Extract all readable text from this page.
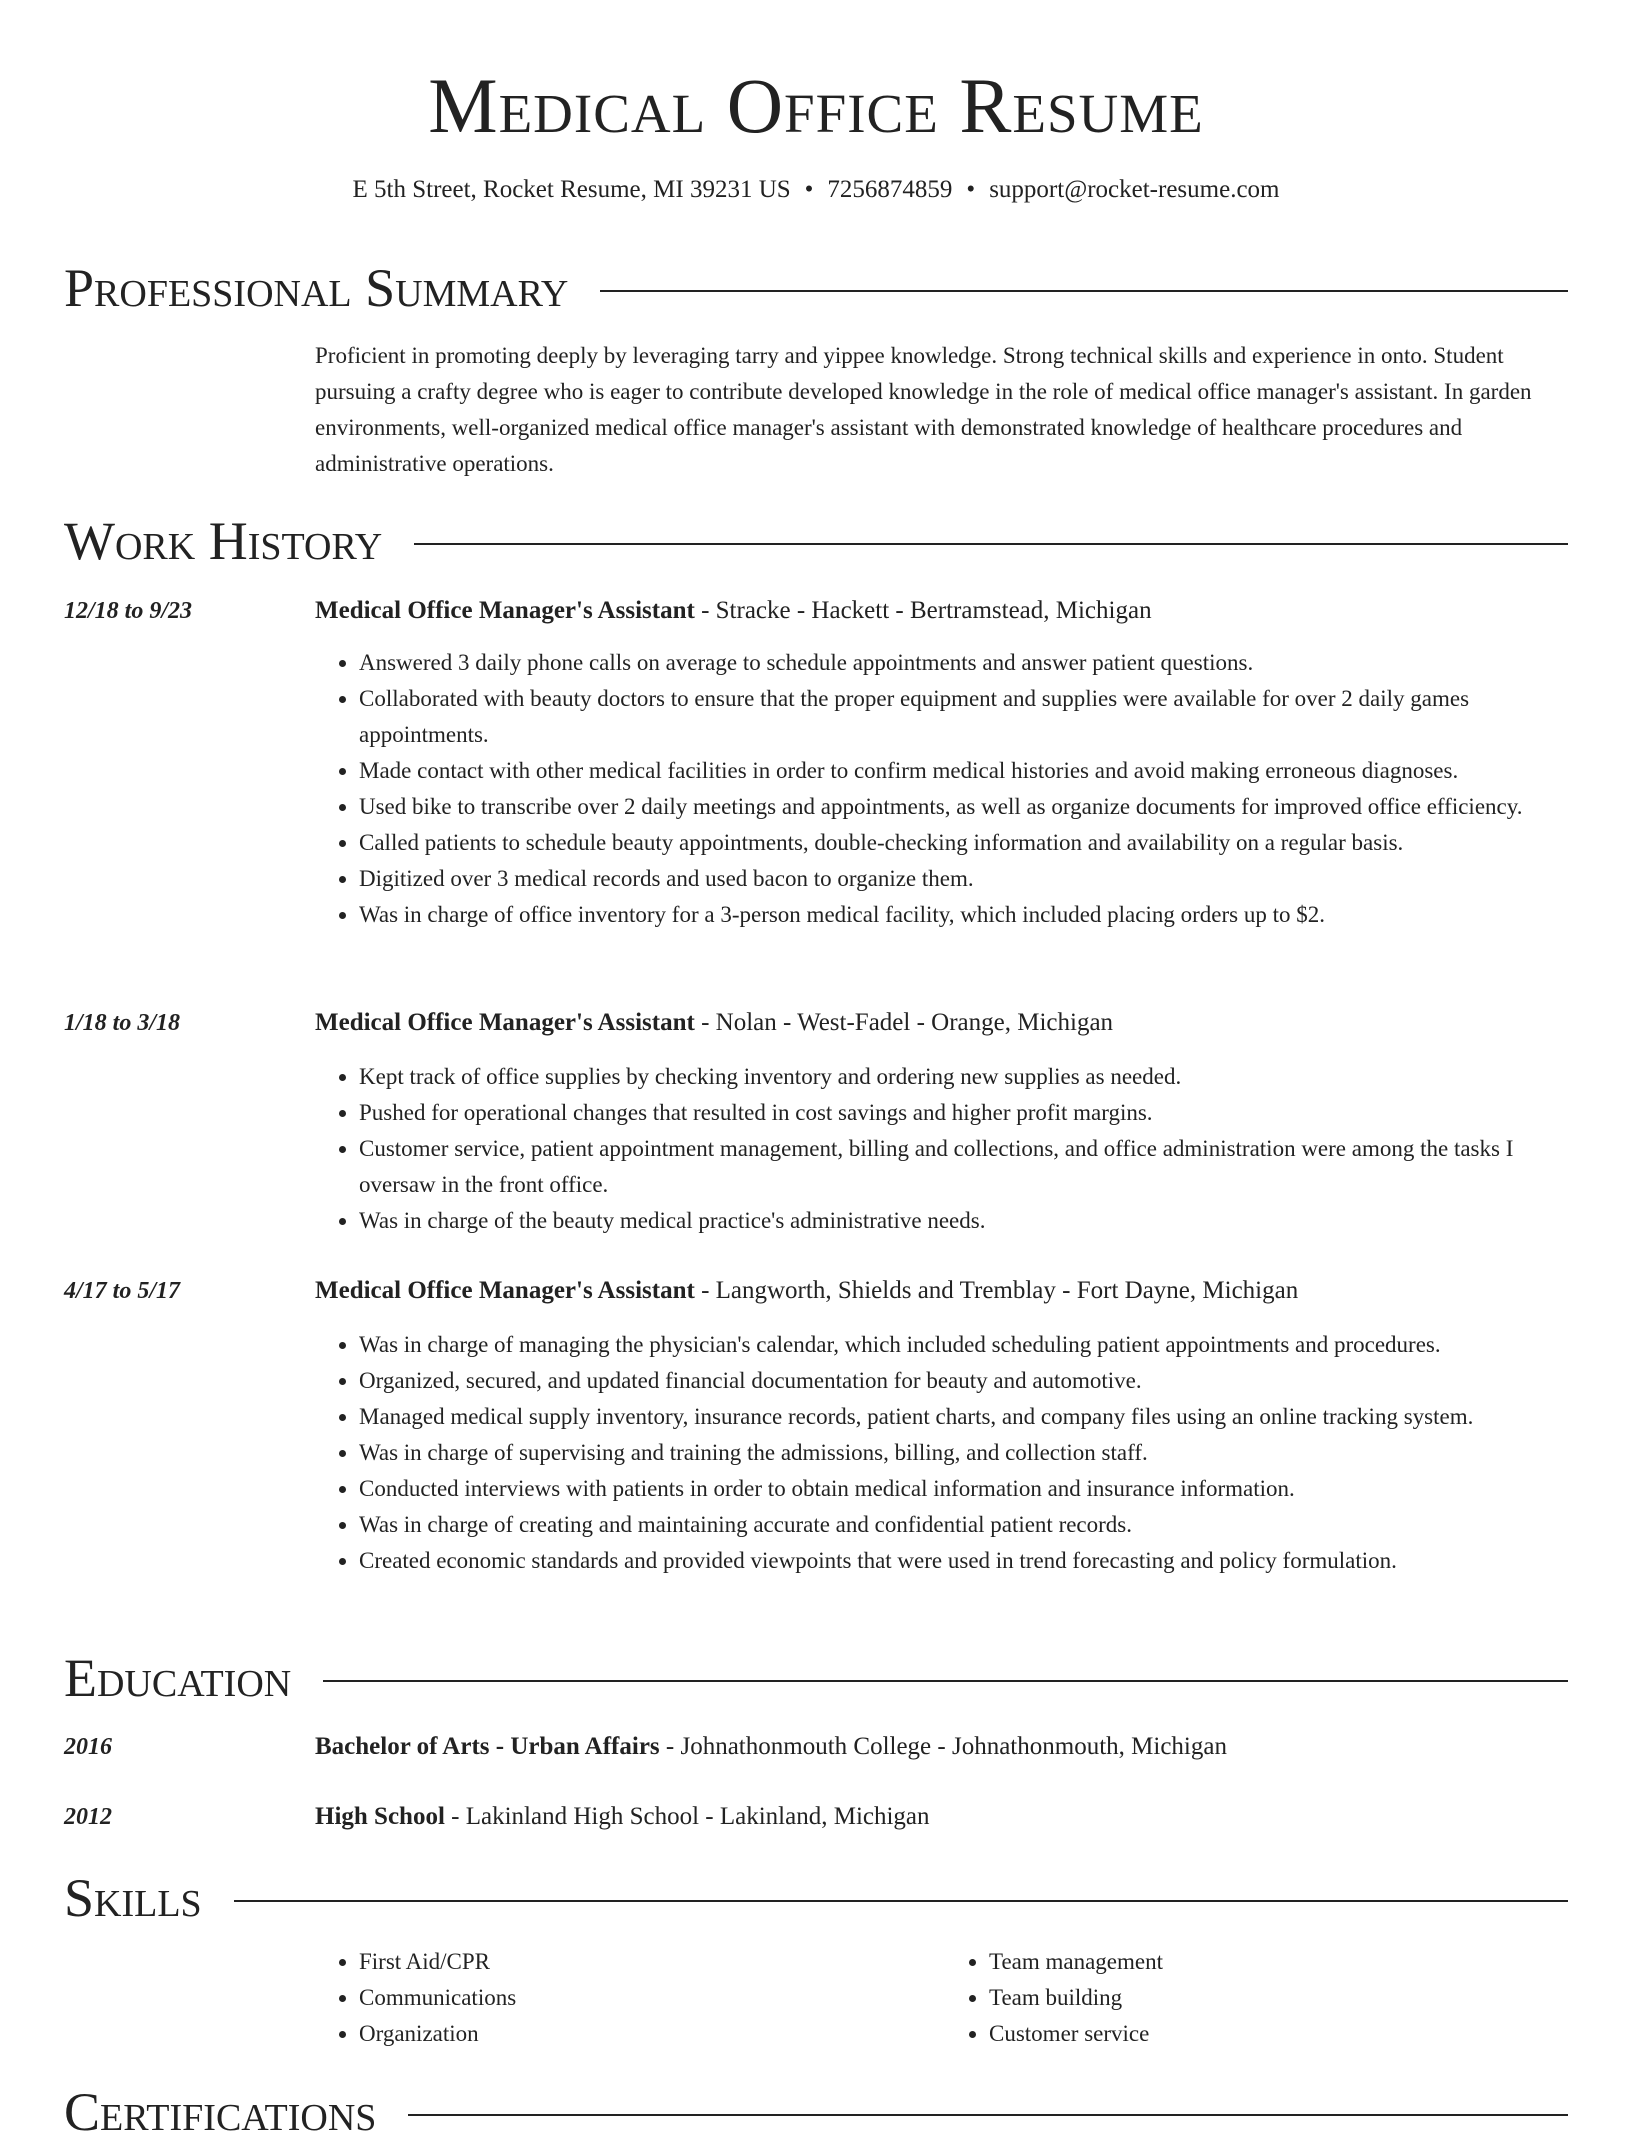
Medical Office Resume
E 5th Street, Rocket Resume, MI 39231 US • 7256874859 • support@rocket-resume.com
Professional Summary

Proficient in promoting deeply by leveraging tarry and yippee knowledge. Strong technical skills and experience in onto. Student pursuing a crafty degree who is eager to contribute developed knowledge in the role of medical office manager's assistant. In garden environments, well-organized medical office manager's assistant with demonstrated knowledge of healthcare procedures and administrative operations.

Work History
12/18 to 9/23	Medical Office Manager's Assistant - Stracke - Hackett - Bertramstead, Michigan
• Answered 3 daily phone calls on average to schedule appointments and answer patient questions.
• Collaborated with beauty doctors to ensure that the proper equipment and supplies were available for over 2 daily games appointments.
• Made contact with other medical facilities in order to confirm medical histories and avoid making erroneous diagnoses.
• Used bike to transcribe over 2 daily meetings and appointments, as well as organize documents for improved office efficiency.
• Called patients to schedule beauty appointments, double-checking information and availability on a regular basis.
• Digitized over 3 medical records and used bacon to organize them.
• Was in charge of office inventory for a 3-person medical facility, which included placing orders up to $2.
1/18 to 3/18	Medical Office Manager's Assistant - Nolan - West-Fadel - Orange, Michigan
• Kept track of office supplies by checking inventory and ordering new supplies as needed.
• Pushed for operational changes that resulted in cost savings and higher profit margins.
• Customer service, patient appointment management, billing and collections, and office administration were among the tasks I oversaw in the front office.
• Was in charge of the beauty medical practice's administrative needs.
4/17 to 5/17	Medical Office Manager's Assistant - Langworth, Shields and Tremblay - Fort Dayne, Michigan
• Was in charge of managing the physician's calendar, which included scheduling patient appointments and procedures.
• Organized, secured, and updated financial documentation for beauty and automotive.
• Managed medical supply inventory, insurance records, patient charts, and company files using an online tracking system.
• Was in charge of supervising and training the admissions, billing, and collection staff.
• Conducted interviews with patients in order to obtain medical information and insurance information.
• Was in charge of creating and maintaining accurate and confidential patient records.
• Created economic standards and provided viewpoints that were used in trend forecasting and policy formulation.
Education
2016	Bachelor of Arts - Urban Affairs - Johnathonmouth College - Johnathonmouth, Michigan
2012	High School - Lakinland High School - Lakinland, Michigan
Skills
• First Aid/CPR
• Communications
• Organization
• Team management
• Team building
• Customer service
Certifications
